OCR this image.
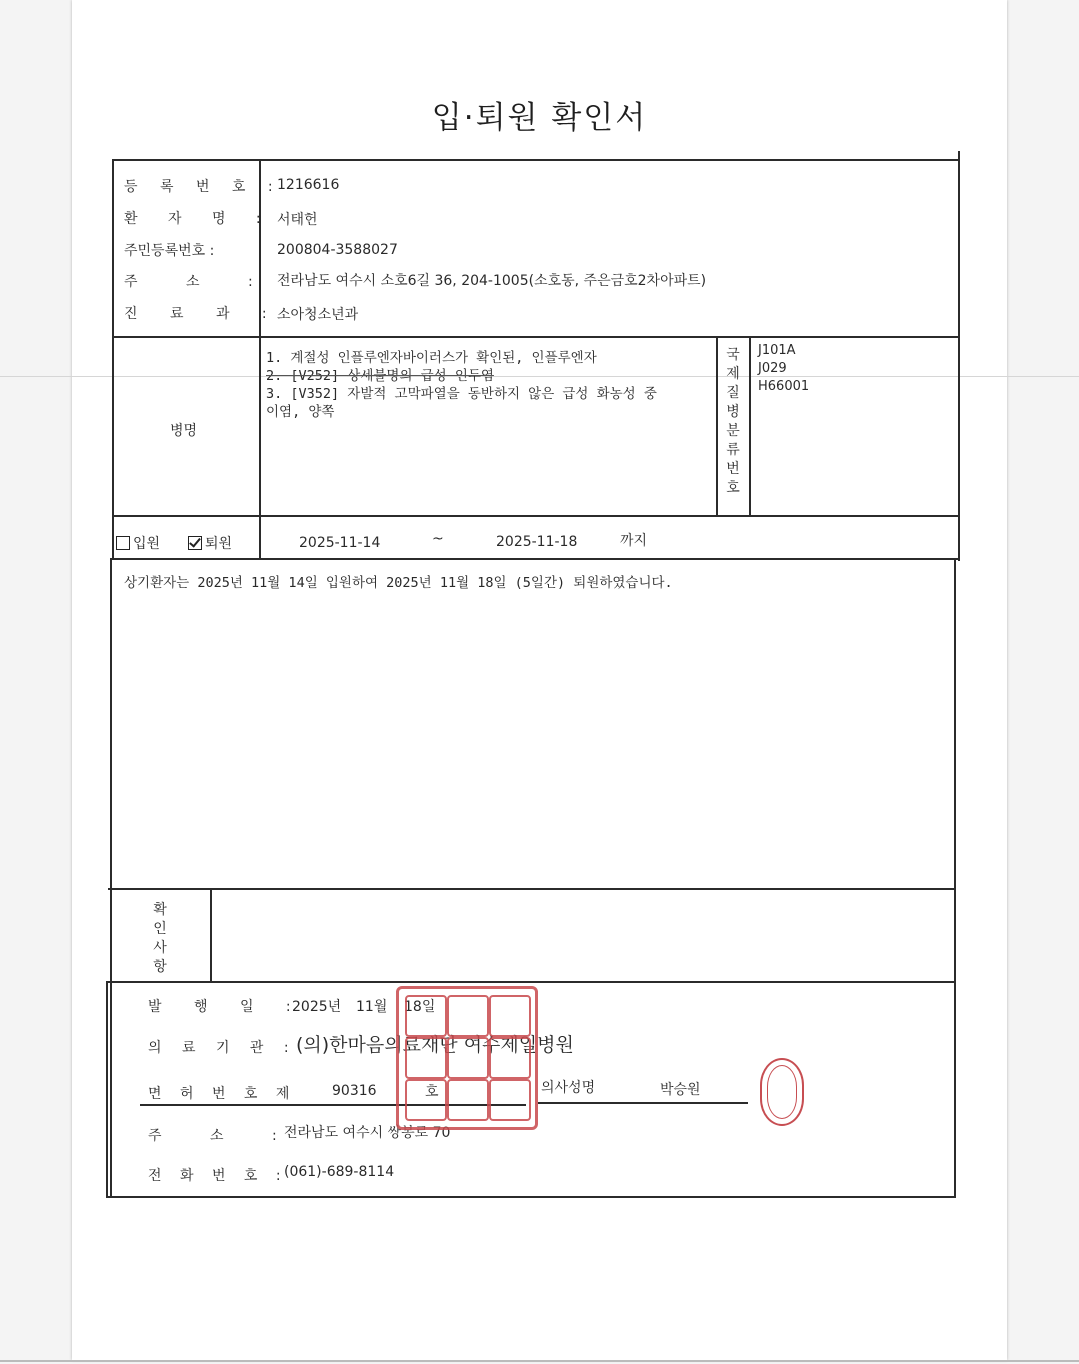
입·퇴원 확인서
등 록 번 호 :
1216616
환 자 명 : 서태헌
주민등록번호 :	200804-3588027
주 소 : 전라남도 여수시 소호6길 36, 204-1005(소호동, 주은금호2차아파트)
진 료 과 :
소아청소년과
병명
1. 계절성 인플루엔자바이러스가 확인된, 인플루엔자
2. [V252] 상세불명의 급성 인두염
3. [V352] 자발적 고막파열을 동반하지 않은 급성 화농성 중
이염, 양쪽
국제질병분류번호
J101A
J029
H66001
입원	퇴원	2025-11-14	~	2025-11-18	까지
상기환자는 2025년 11월 14일 입원하여 2025년 11월 18일 (5일간) 퇴원하였습니다.
확인사항
발 행 일 :
2025년 11월 18일
의 료 기 관 : (의)한마음의료재단 여수제일병원
면 허 번 호 제	90316	호	의사성명	박승원
주 소 :
전라남도 여수시 쌍봉로 70
전 화 번 호 :
(061)-689-8114
